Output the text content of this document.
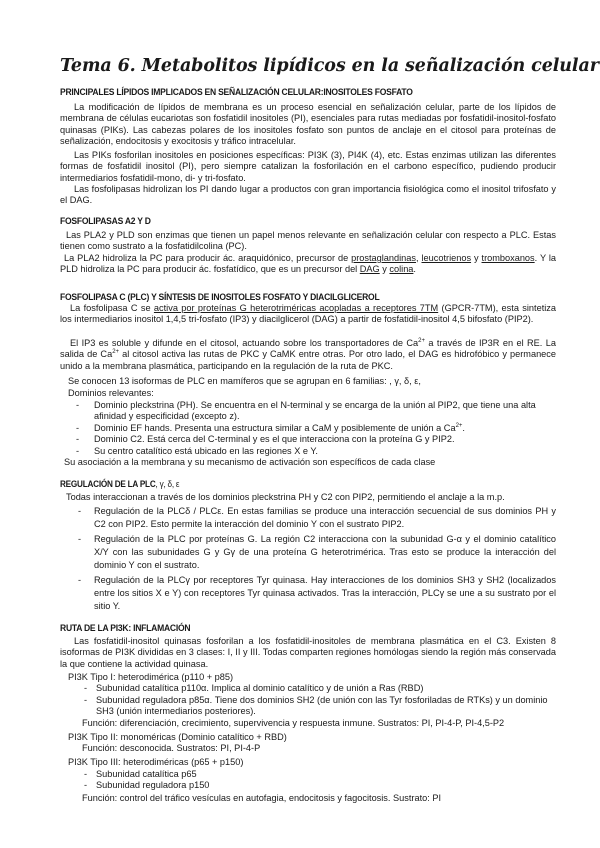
Tema 6. Metabolitos lipídicos en la señalización celular
PRINCIPALES LÍPIDOS IMPLICADOS EN SEÑALIZACIÓN CELULAR:INOSITOLES FOSFATO
La modificación de lípidos de membrana es un proceso esencial en señalización celular, parte de los lípidos de membrana de células eucariotas son fosfatidil inositoles (PI), esenciales para rutas mediadas por fosfatidil-inositol-fosfato quinasas (PIKs). Las cabezas polares de los inositoles fosfato son puntos de anclaje en el citosol para proteínas de señalización, endocitosis y exocitosis y tráfico intracelular.
Las PIKs fosforilan inositoles en posiciones específicas: PI3K (3), PI4K (4), etc. Estas enzimas utilizan las diferentes formas de fosfatidil inositol (PI), pero siempre catalizan la fosforilación en el carbono específico, pudiendo producir intermediarios fosfatidil-mono, di- y tri-fosfato.
Las fosfolipasas hidrolizan los PI dando lugar a productos con gran importancia fisiológica como el inositol trifosfato y el DAG.
FOSFOLIPASAS A2 Y D
Las PLA2 y PLD son enzimas que tienen un papel menos relevante en señalización celular con respecto a PLC. Estas tienen como sustrato a la fosfatidilcolina (PC).
La PLA2 hidroliza la PC para producir ác. araquidónico, precursor de prostaglandinas, leucotrienos y tromboxanos. Y la PLD hidroliza la PC para producir ác. fosfatídico, que es un precursor del DAG y colina.
FOSFOLIPASA C (PLC) Y SÍNTESIS DE INOSITOLES FOSFATO Y DIACILGLICEROL
La fosfolipasa C se activa por proteínas G heterotriméricas acopladas a receptores 7TM (GPCR-7TM), esta sintetiza los intermediarios inositol 1,4,5 tri-fosfato (IP3) y diacilglicerol (DAG) a partir de fosfatidil-inositol 4,5 bifosfato (PIP2).
El IP3 es soluble y difunde en el citosol, actuando sobre los transportadores de $Ca^{2+}$ a través de IP3R en el RE. La salida de $Ca^{2+}$ al citosol activa las rutas de PKC y CaMK entre otras. Por otro lado, el DAG es hidrofóbico y permanece unido a la membrana plasmática, participando en la regulación de la ruta de PKC.
Se conocen 13 isoformas de PLC en mamíferos que se agrupan en 6 familias: , γ, δ, ε,
Dominios relevantes:
- Dominio pleckstrina (PH). Se encuentra en el N-terminal y se encarga de la unión al PIP2, que tiene una alta afinidad y especificidad (excepto z).
- Dominio EF hands. Presenta una estructura similar a CaM y posiblemente de unión a $Ca^{2+}$.
- Dominio C2. Está cerca del C-terminal y es el que interacciona con la proteína G y PIP2.
- Su centro catalítico está ubicado en las regiones X e Y.
Su asociación a la membrana y su mecanismo de activación son específicos de cada clase
REGULACIÓN DE LA PLC, γ, δ, ε
Todas interaccionan a través de los dominios pleckstrina PH y C2 con PIP2, permitiendo el anclaje a la m.p.
- Regulación de la PLCδ / PLCε. En estas familias se produce una interacción secuencial de sus dominios PH y C2 con PIP2. Esto permite la interacción del dominio Y con el sustrato PIP2.
- Regulación de la PLC por proteínas G. La región C2 interacciona con la subunidad G-α y el dominio catalítico X/Y con las subunidades G y Gγ de una proteína G heterotrimérica. Tras esto se produce la interacción del dominio Y con el sustrato.
- Regulación de la PLCγ por receptores Tyr quinasa. Hay interacciones de los dominios SH3 y SH2 (localizados entre los sitios X e Y) con receptores Tyr quinasa activados. Tras la interacción, PLCγ se une a su sustrato por el sitio Y.
RUTA DE LA PI3K: INFLAMACIÓN
Las fosfatidil-inositol quinasas fosforilan a los fosfatidil-inositoles de membrana plasmática en el C3. Existen 8 isoformas de PI3K divididas en 3 clases: I, II y III. Todas comparten regiones homólogas siendo la región más conservada la que contiene la actividad quinasa.
PI3K Tipo I: heterodimérica (p110 + p85)
- Subunidad catalítica p110α. Implica al dominio catalítico y de unión a Ras (RBD)
- Subunidad reguladora p85α. Tiene dos dominios SH2 (de unión con las Tyr fosforiladas de RTKs) y un dominio SH3 (unión intermediarios posteriores).
Función: diferenciación, crecimiento, supervivencia y respuesta inmune. Sustratos: PI, PI-4-P, PI-4,5-P2
PI3K Tipo II: monoméricas (Dominio catalítico + RBD)
Función: desconocida. Sustratos: PI, PI-4-P
PI3K Tipo III: heterodiméricas (p65 + p150)
- Subunidad catalítica p65
- Subunidad reguladora p150
Función: control del tráfico vesículas en autofagia, endocitosis y fagocitosis. Sustrato: PI
